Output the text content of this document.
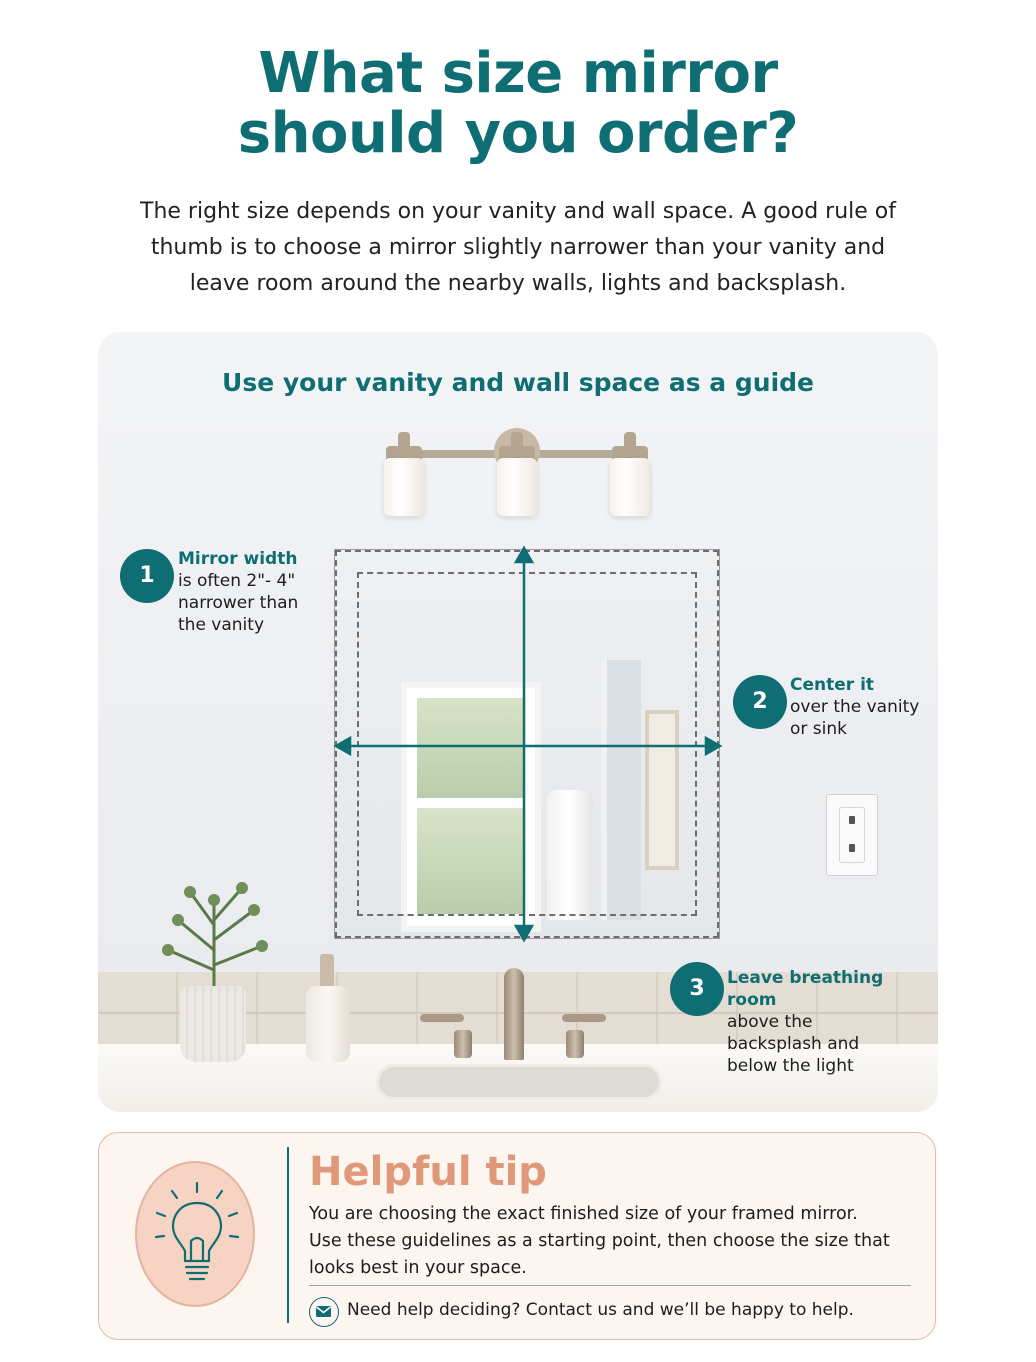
What size mirror
should you order?
The right size depends on your vanity and wall space. A good rule of thumb is to choose a mirror slightly narrower than your vanity and leave room around the nearby walls, lights and backsplash.
Use your vanity and wall space as a guide
1
Mirror width
is often 2"- 4"
narrower than
the vanity
2
Center it
over the vanity
or sink
3	Leave breathing
room
above the
backsplash and
below the light
Helpful tip
You are choosing the exact finished size of your framed mirror.
Use these guidelines as a starting point, then choose the size that
looks best in your space.
Need help deciding? Contact us and we’ll be happy to help.
